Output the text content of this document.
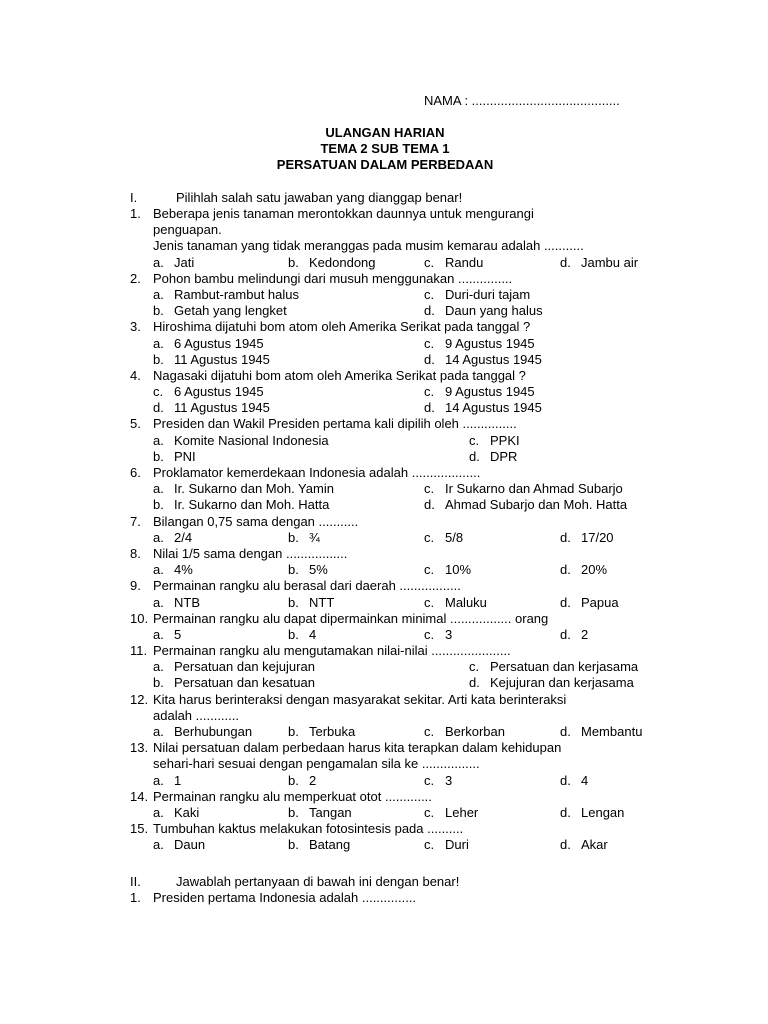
NAMA : .........................................
ULANGAN HARIAN
TEMA 2 SUB TEMA 1
PERSATUAN DALAM PERBEDAAN
I.	Pilihlah salah satu jawaban yang dianggap benar!
1. Beberapa jenis tanaman merontokkan daunnya untuk mengurangi
penguapan.
Jenis tanaman yang tidak meranggas pada musim kemarau adalah ...........
a. Jati	b. Kedondong	c. Randu	d. Jambu air
2. Pohon bambu melindungi dari musuh menggunakan ...............
a. Rambut-rambut halus	c. Duri-duri tajam
b. Getah yang lengket	d. Daun yang halus
3. Hiroshima dijatuhi bom atom oleh Amerika Serikat pada tanggal ?
a. 6 Agustus 1945	c. 9 Agustus 1945
b. 11 Agustus 1945	d. 14 Agustus 1945
4. Nagasaki dijatuhi bom atom oleh Amerika Serikat pada tanggal ?
c. 6 Agustus 1945	c. 9 Agustus 1945
d. 11 Agustus 1945	d. 14 Agustus 1945
5. Presiden dan Wakil Presiden pertama kali dipilih oleh ...............
a. Komite Nasional Indonesia	c. PPKI
b. PNI	d. DPR
6. Proklamator kemerdekaan Indonesia adalah ...................
a. Ir. Sukarno dan Moh. Yamin	c. Ir Sukarno dan Ahmad Subarjo
b. Ir. Sukarno dan Moh. Hatta	d. Ahmad Subarjo dan Moh. Hatta
7. Bilangan 0,75 sama dengan ...........
a. 2/4	b. ¾	c. 5/8	d. 17/20
8. Nilai 1/5 sama dengan .................
a. 4%	b. 5%	c. 10%	d. 20%
9. Permainan rangku alu berasal dari daerah .................
a. NTB	b. NTT	c. Maluku	d. Papua
10. Permainan rangku alu dapat dipermainkan minimal ................. orang
a. 5	b. 4	c. 3	d. 2
11. Permainan rangku alu mengutamakan nilai-nilai ......................
a. Persatuan dan kejujuran	c. Persatuan dan kerjasama
b. Persatuan dan kesatuan	d. Kejujuran dan kerjasama
12. Kita harus berinteraksi dengan masyarakat sekitar. Arti kata berinteraksi
adalah ............
a. Berhubungan	b. Terbuka	c. Berkorban	d. Membantu
13. Nilai persatuan dalam perbedaan harus kita terapkan dalam kehidupan
sehari-hari sesuai dengan pengamalan sila ke ................
a. 1	b. 2	c. 3	d. 4
14. Permainan rangku alu memperkuat otot .............
a. Kaki	b. Tangan	c. Leher	d. Lengan
15. Tumbuhan kaktus melakukan fotosintesis pada ..........
a. Daun	b. Batang	c. Duri	d. Akar
II.	Jawablah pertanyaan di bawah ini dengan benar!
1. Presiden pertama Indonesia adalah ...............
